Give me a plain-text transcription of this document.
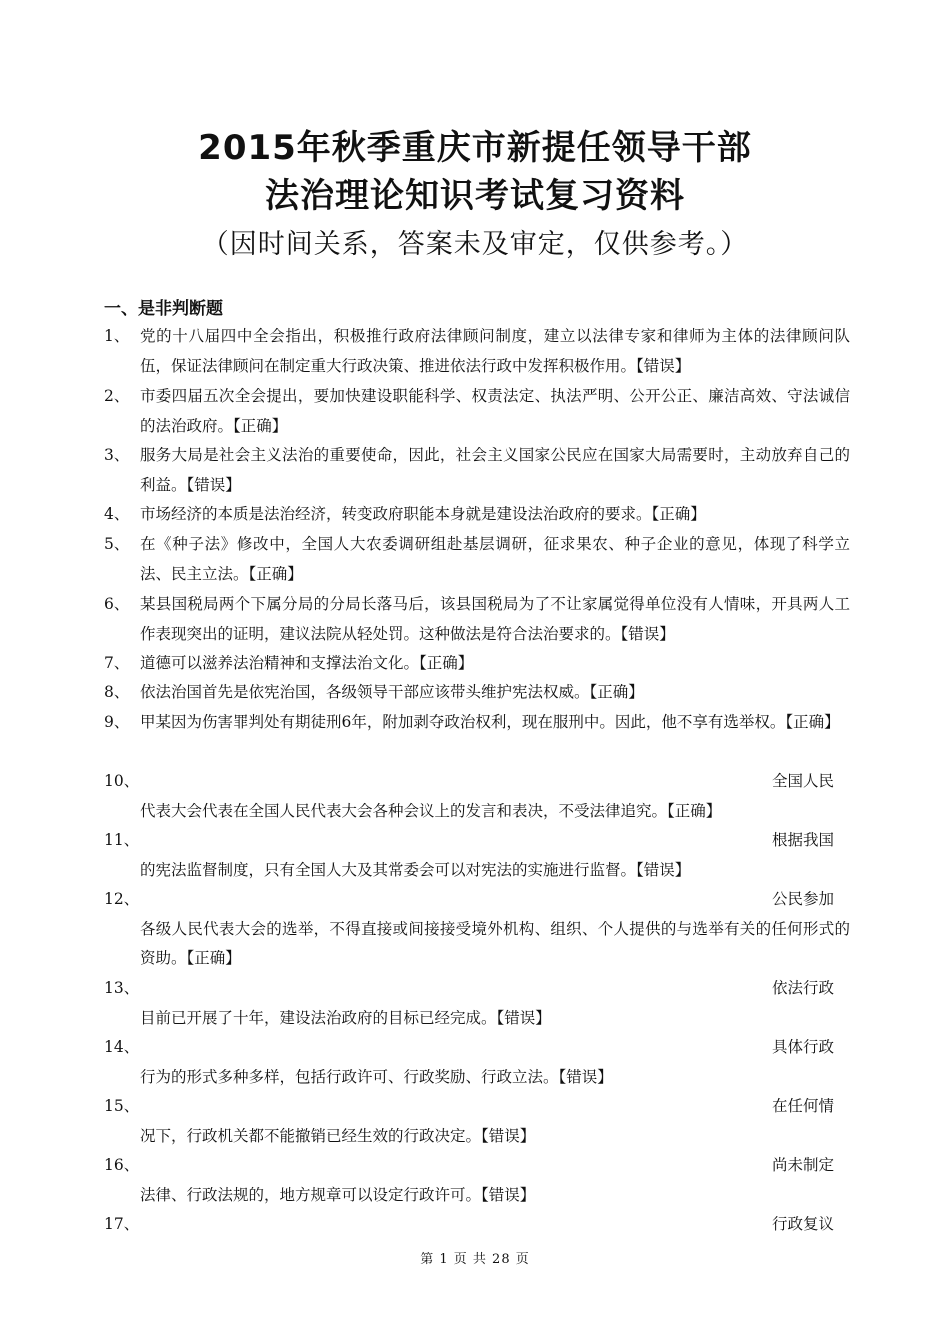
2015年秋季重庆市新提任领导干部
法治理论知识考试复习资料
（因时间关系，答案未及审定，仅供参考。）
一、是非判断题
1、 党的十八届四中全会指出，积极推行政府法律顾问制度，建立以法律专家和律师为主体的法律顾问队伍，保证法律顾问在制定重大行政决策、推进依法行政中发挥积极作用。【错误】
2、 市委四届五次全会提出，要加快建设职能科学、权责法定、执法严明、公开公正、廉洁高效、守法诚信的法治政府。【正确】
3、 服务大局是社会主义法治的重要使命，因此，社会主义国家公民应在国家大局需要时，主动放弃自己的利益。【错误】
4、 市场经济的本质是法治经济，转变政府职能本身就是建设法治政府的要求。【正确】
5、 在《种子法》修改中，全国人大农委调研组赴基层调研，征求果农、种子企业的意见，体现了科学立法、民主立法。【正确】
6、 某县国税局两个下属分局的分局长落马后，该县国税局为了不让家属觉得单位没有人情味，开具两人工作表现突出的证明，建议法院从轻处罚。这种做法是符合法治要求的。【错误】
7、 道德可以滋养法治精神和支撑法治文化。【正确】
8、 依法治国首先是依宪治国，各级领导干部应该带头维护宪法权威。【正确】
9、 甲某因为伤害罪判处有期徒刑6年，附加剥夺政治权利，现在服刑中。因此，他不享有选举权。【正确】
10、	全国人民
代表大会代表在全国人民代表大会各种会议上的发言和表决，不受法律追究。【正确】
11、	根据我国
的宪法监督制度，只有全国人大及其常委会可以对宪法的实施进行监督。【错误】
12、	公民参加
各级人民代表大会的选举，不得直接或间接接受境外机构、组织、个人提供的与选举有关的任何形式的资助。【正确】
13、	依法行政
目前已开展了十年，建设法治政府的目标已经完成。【错误】
14、	具体行政
行为的形式多种多样，包括行政许可、行政奖励、行政立法。【错误】
15、	在任何情
况下，行政机关都不能撤销已经生效的行政决定。【错误】
16、	尚未制定
法律、行政法规的，地方规章可以设定行政许可。【错误】
17、	行政复议
第 1 页 共 28 页
